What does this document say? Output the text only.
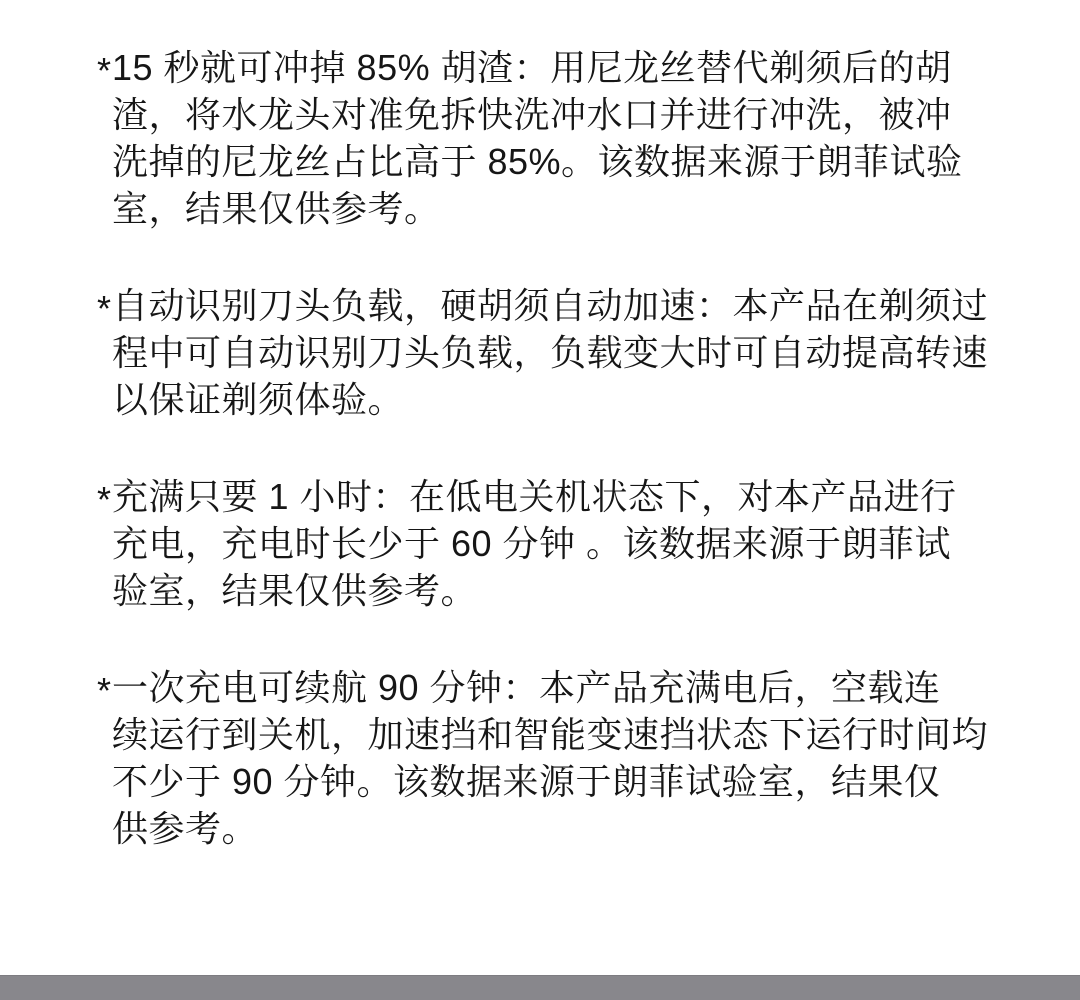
*15 秒就可冲掉 85% 胡渣：用尼龙丝替代剃须后的胡
渣，将水龙头对准免拆快洗冲水口并进行冲洗，被冲
洗掉的尼龙丝占比高于 85%。该数据来源于朗菲试验
室，结果仅供参考。

*自动识别刀头负载，硬胡须自动加速：本产品在剃须过
程中可自动识别刀头负载，负载变大时可自动提高转速
以保证剃须体验。

*充满只要 1 小时：在低电关机状态下，对本产品进行
充电，充电时长少于 60 分钟 。该数据来源于朗菲试
验室，结果仅供参考。

*一次充电可续航 90 分钟：本产品充满电后，空载连
续运行到关机，加速挡和智能变速挡状态下运行时间均
不少于 90 分钟。该数据来源于朗菲试验室，结果仅
供参考。
